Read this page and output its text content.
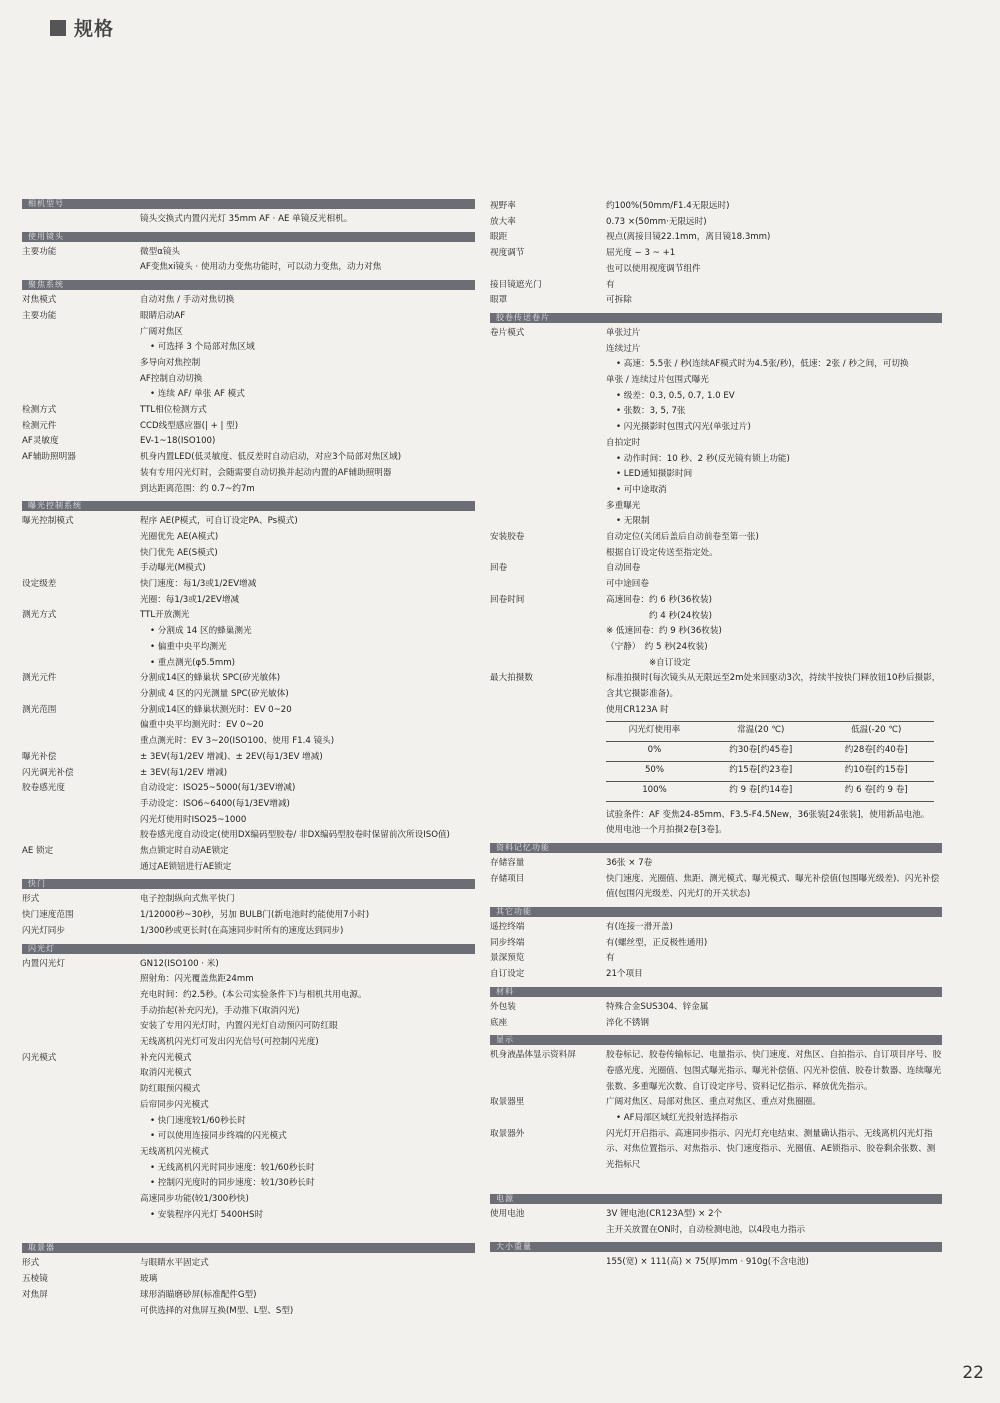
规格
相机型号
镜头交换式内置闪光灯 35mm AF · AE 单镜反光相机。
使用镜头
主要功能	微型α镜头
AF变焦xi镜头 · 使用动力变焦功能时，可以动力变焦，动力对焦
聚焦系统
对焦模式	自动对焦 / 手动对焦切换
主要功能	眼睛启动AF
广阔对焦区
• 可选择 3 个局部对焦区域
多导向对焦控制
AF控制自动切换
• 连续 AF/ 单张 AF 模式
检测方式	TTL相位检测方式
检测元件	CCD线型感应器(| + | 型)
AF灵敏度	EV-1~18(ISO100)
AF辅助照明器	机身内置LED(低灵敏度、低反差时自动启动，对应3个局部对焦区域)
装有专用闪光灯时，会随需要自动切换并起动内置的AF辅助照明器
到达距离范围：约 0.7~约7m
曝光控制系统
曝光控制模式	程序 AE(P模式，可自订设定PA、Ps模式)
光圈优先 AE(A模式)
快门优先 AE(S模式)
手动曝光(M模式)
设定级差	快门速度：每1/3或1/2EV增减
光圈：每1/3或1/2EV增减
测光方式	TTL开放测光
• 分割成 14 区的蜂巢测光
• 偏重中央平均测光
• 重点测光(φ5.5mm)
测光元件	分割成14区的蜂巢状 SPC(矽光敏体)
分割成 4 区的闪光测量 SPC(矽光敏体)
测光范围	分割成14区的蜂巢状测光时：EV 0~20
偏重中央平均测光时：EV 0~20
重点测光时：EV 3~20(ISO100、使用 F1.4 镜头)
曝光补偿	± 3EV(每1/2EV 增减)、± 2EV(每1/3EV 增减)
闪光调光补偿	± 3EV(每1/2EV 增减)
胶卷感光度	自动设定：ISO25~5000(每1/3EV增减)
手动设定：ISO6~6400(每1/3EV增减)
闪光灯使用时ISO25~1000
胶卷感光度自动设定(使用DX编码型胶卷/ 非DX编码型胶卷时保留前次所设ISO值)
AE 锁定	焦点锁定时自动AE锁定
通过AE锁钮进行AE锁定
快门
形式	电子控制纵向式焦平快门
快门速度范围	1/12000秒~30秒，另加 BULB门(新电池时约能使用7小时)
闪光灯同步	1/300秒或更长时(在高速同步时所有的速度达到同步)
闪光灯
内置闪光灯	GN12(ISO100 · 米)
照射角：闪光覆盖焦距24mm
充电时间：约2.5秒。(本公司实验条件下)与相机共用电源。
手动抬起(补充闪光)，手动推下(取消闪光)
安装了专用闪光灯时，内置闪光灯自动预闪可防红眼
无线离机闪光灯可发出闪光信号(可控制闪光度)
闪光模式	补充闪光模式
取消闪光模式
防红眼预闪模式
后帘同步闪光模式
• 快门速度较1/60秒长时
• 可以使用连接同步终端的闪光模式
无线离机闪光模式
• 无线离机闪光时同步速度：较1/60秒长时
• 控制闪光度时的同步速度：较1/30秒长时
高速同步功能(较1/300秒快)
• 安装程序闪光灯 5400HS时
取景器
形式	与眼睛水平固定式
五棱镜	玻璃
对焦屏	球形消瞄磨砂屏(标准配件G型)
可供选择的对焦屏互换(M型、L型、S型)
视野率	约100%(50mm/F1.4无限远时)
放大率	0.73 ×(50mm·无限远时)
眼距	视点(离接目镜22.1mm，离目镜18.3mm)
视度调节	屈光度 − 3 ~ +1
也可以使用视度调节组件
接目镜遮光门	有
眼罩	可拆除
胶卷传送卷片
卷片模式	单张过片
连续过片
• 高速：5.5张 / 秒(连续AF模式时为4.5张/秒)，低速：2张 / 秒之间，可切换
单张 / 连续过片包围式曝光
• 级差：0.3, 0.5, 0.7, 1.0 EV
• 张数：3, 5, 7张
• 闪光摄影时包围式闪光(单张过片)
自拍定时
• 动作时间：10 秒、2 秒(反光镜有锁上功能)
• LED通知摄影时间
• 可中途取消
多重曝光
• 无限制
安装胶卷	自动定位(关闭后盖后自动前卷至第一张)
根据自订设定传送至指定处。
回卷	自动回卷
可中途回卷
回卷时间	高速回卷：约 6 秒(36枚装)
　　　　　约 4 秒(24枚装)
※ 低速回卷：约 9 秒(36枚装)
（宁静）　约 5 秒(24枚装)
　　　　　※自订设定
最大拍摄数	标准拍摄时(每次镜头从无限远至2m处来回驱动3次，持续半按快门释放钮10秒后摄影，含其它摄影准备)。
使用CR123A 时
闪光灯使用率	常温(20 ℃)	低温(-20 ℃)
0%	约30卷[约45卷]	约28卷[约40卷]
50%	约15卷[约23卷]	约10卷[约15卷]
100%	约 9 卷[约14卷]	约 6 卷[约 9 卷]
试验条件：AF 变焦24-85mm、F3.5-F4.5New，36张装[24张装]，使用新品电池。
使用电池一个月拍摄2卷[3卷]。
资料记忆功能
存储容量	36张 × 7卷
存储项目	快门速度、光圈值、焦距、测光模式、曝光模式、曝光补偿值(包围曝光级差)、闪光补偿值(包围闪光级差、闪光灯的开关状态)
其它功能
遥控终端	有(连接一滑开盖)
同步终端	有(螺丝型，正反极性通用)
景深预览	有
自订设定	21个项目
材料
外包装	特殊合金SUS304、锌金属
底座	淬化不锈钢
显示
机身液晶体显示资料屏	胶卷标记、胶卷传输标记、电量指示、快门速度、对焦区、自拍指示、自订项目序号、胶卷感光度、光圈值、包围式曝光指示、曝光补偿值、闪光补偿值、胶卷计数器、连续曝光张数、多重曝光次数、自订设定序号、资料记忆指示、释放优先指示。
取景器里	广阔对焦区、局部对焦区、重点对焦区、重点对焦圈圈。
• AF局部区域红光投射选择指示
取景器外	闪光灯开启指示、高速同步指示、闪光灯充电结束、测量确认指示、无线离机闪光灯指示、对焦位置指示、对焦指示、快门速度指示、光圈值、AE锁指示、胶卷剩余张数、测光指标尺
电源
使用电池	3V 锂电池(CR123A型) × 2个
主开关放置在ON时，自动检测电池，以4段电力指示
大小重量
155(宽) × 111(高) × 75(厚)mm · 910g(不含电池)
22
